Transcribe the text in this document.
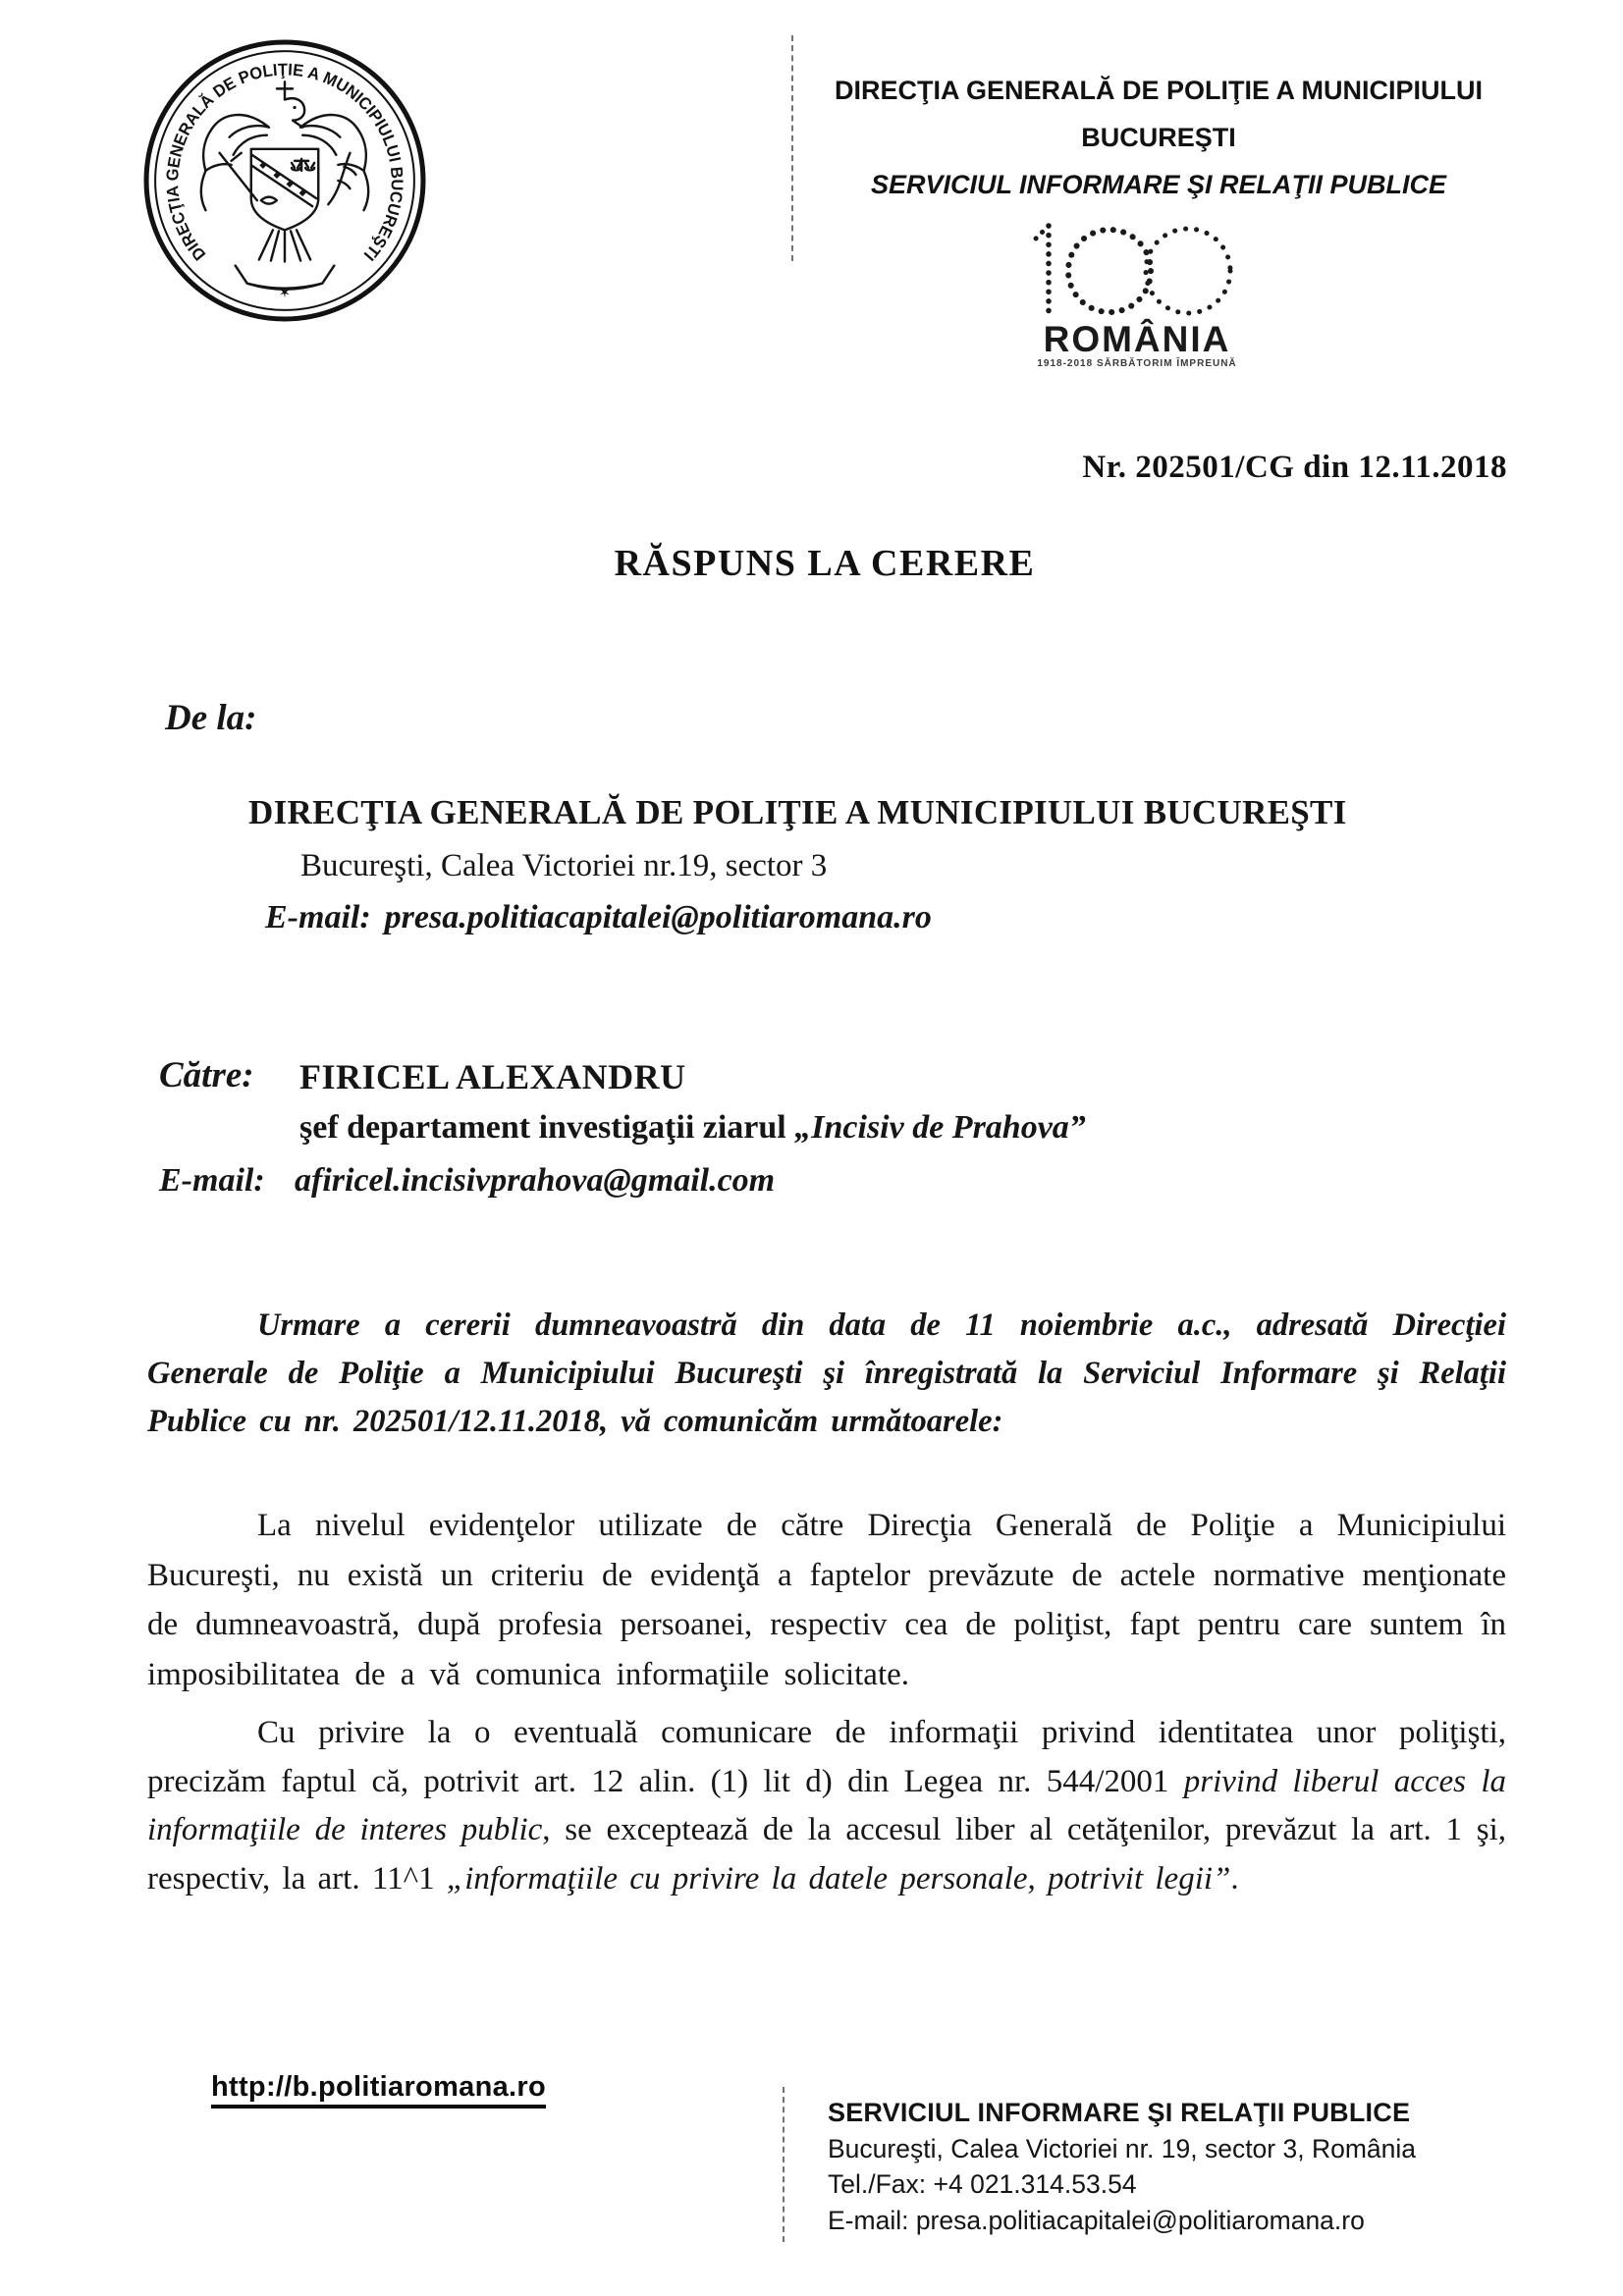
DIRECŢIA GENERALĂ DE POLIŢIE A MUNICIPIULUI BUCUREŞTI
✶
DIRECŢIA GENERALĂ DE POLIŢIE A MUNICIPIULUI
BUCUREŞTI
SERVICIUL INFORMARE ŞI RELAŢII PUBLICE
ROMÂNIA
1918-2018 SĂRBĂTORIM ÎMPREUNĂ
Nr. 202501/CG din 12.11.2018
RĂSPUNS LA CERERE
De la:
DIRECŢIA GENERALĂ DE POLIŢIE A MUNICIPIULUI BUCUREŞTI
Bucureşti, Calea Victoriei nr.19, sector 3
E-mail: presa.politiacapitalei@politiaromana.ro
Către: FIRICEL ALEXANDRU
şef departament investigaţii ziarul „Incisiv de Prahova”
E-mail: afiricel.incisivprahova@gmail.com

Urmare a cererii dumneavoastră din data de 11 noiembrie a.c., adresată Direcţiei Generale de Poliţie a Municipiului Bucureşti şi înregistrată la Serviciul Informare şi Relaţii Publice cu nr. 202501/12.11.2018, vă comunicăm următoarele:

La nivelul evidenţelor utilizate de către Direcţia Generală de Poliţie a Municipiului Bucureşti, nu există un criteriu de evidenţă a faptelor prevăzute de actele normative menţionate de dumneavoastră, după profesia persoanei, respectiv cea de poliţist, fapt pentru care suntem în imposibilitatea de a vă comunica informaţiile solicitate.

Cu privire la o eventuală comunicare de informaţii privind identitatea unor poliţişti, precizăm faptul că, potrivit art. 12 alin. (1) lit d) din Legea nr. 544/2001 privind liberul acces la informaţiile de interes public, se exceptează de la accesul liber al cetăţenilor, prevăzut la art. 1 şi, respectiv, la art. 11^1 „informaţiile cu privire la datele personale, potrivit legii”.

http://b.politiaromana.ro
SERVICIUL INFORMARE ŞI RELAŢII PUBLICE
Bucureşti, Calea Victoriei nr. 19, sector 3, România
Tel./Fax: +4 021.314.53.54
E-mail: presa.politiacapitalei@politiaromana.ro
